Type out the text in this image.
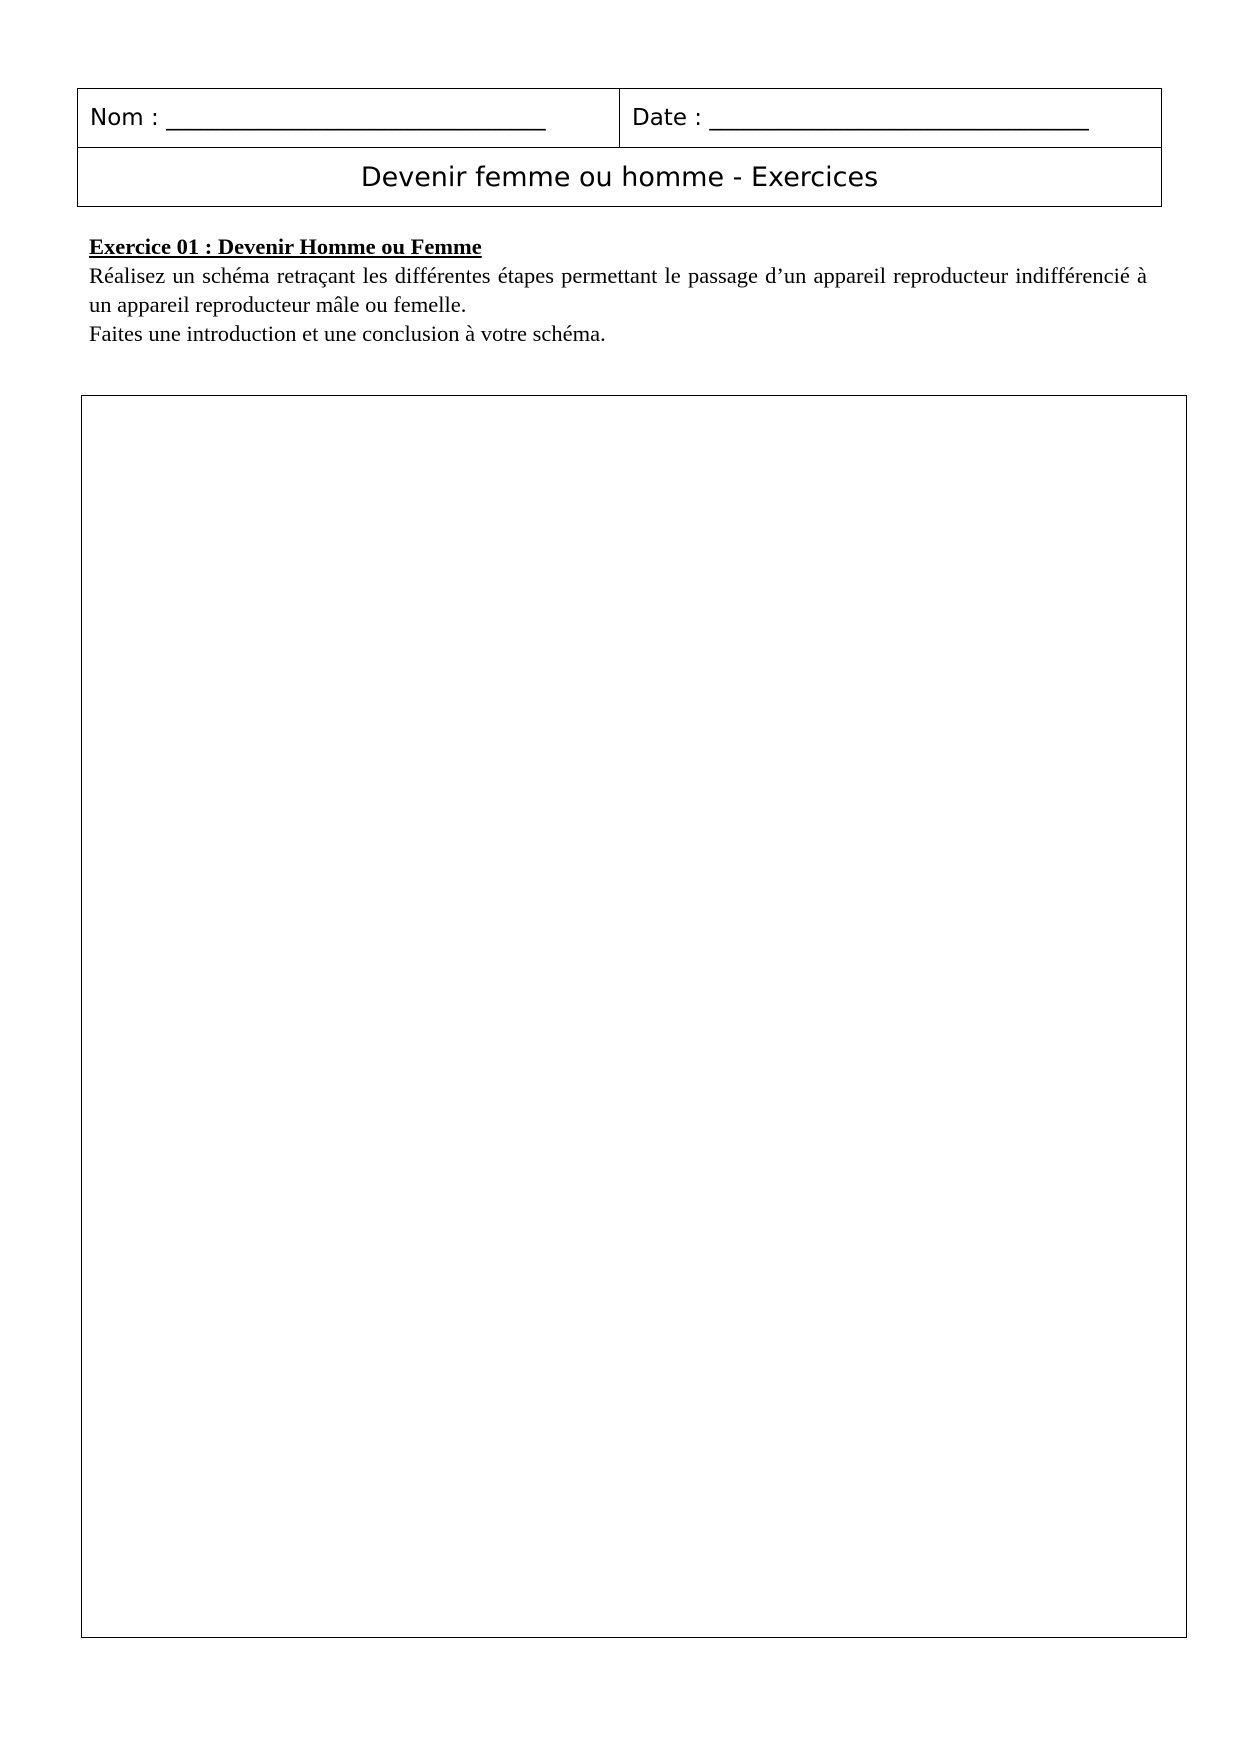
Nom : _________________________________	Date : _________________________________
Devenir femme ou homme - Exercices

Exercice 01 : Devenir Homme ou Femme

Réalisez un schéma retraçant les différentes étapes permettant le passage d’un appareil reproducteur indifférencié à un appareil reproducteur mâle ou femelle.

Faites une introduction et une conclusion à votre schéma.
